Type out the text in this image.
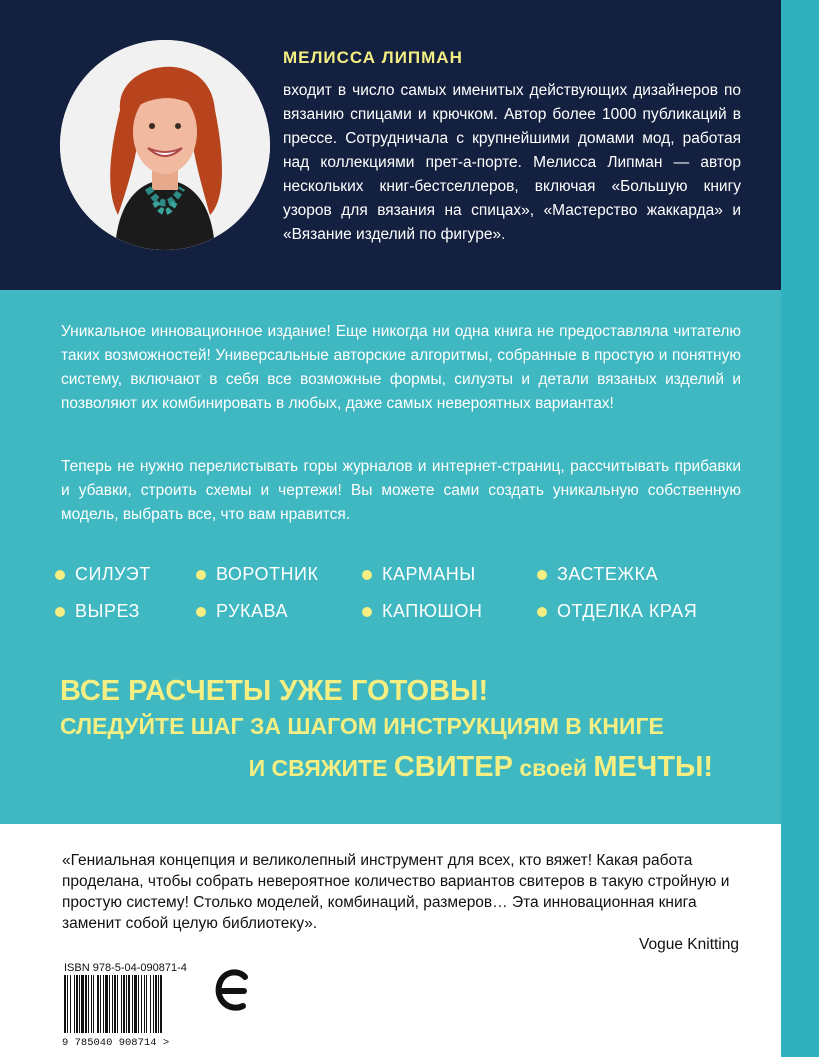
МЕЛИССА ЛИПМАН

входит в число самых именитых действующих дизайнеров по вязанию спицами и крючком. Автор более 1000 публикаций в прессе. Сотрудничала с крупнейшими домами мод, работая над коллекциями прет-а-порте. Мелисса Липман — автор нескольких книг-бестселлеров, включая «Большую книгу узоров для вязания на спицах», «Мастерство жаккарда» и «Вязание изделий по фигуре».

Уникальное инновационное издание! Еще никогда ни одна книга не предоставляла читателю таких возможностей! Универсальные авторские алгоритмы, собранные в простую и понятную систему, включают в себя все возможные формы, силуэты и детали вязаных изделий и позволяют их комбинировать в любых, даже самых невероятных вариантах!

Теперь не нужно перелистывать горы журналов и интернет-страниц, рассчитывать прибавки и убавки, строить схемы и чертежи! Вы можете сами создать уникальную собственную модель, выбрать все, что вам нравится.

СИЛУЭТ	ВОРОТНИК	КАРМАНЫ	ЗАСТЕЖКА
ВЫРЕЗ	РУКАВА	КАПЮШОН	ОТДЕЛКА КРАЯ

ВСЕ РАСЧЕТЫ УЖЕ ГОТОВЫ!

СЛЕДУЙТЕ ШАГ ЗА ШАГОМ ИНСТРУКЦИЯМ В КНИГЕ

И СВЯЖИТЕ СВИТЕР своей МЕЧТЫ!

«Гениальная концепция и великолепный инструмент для всех, кто вяжет! Какая работа проделана, чтобы собрать невероятное количество вариантов свитеров в такую стройную и простую систему! Столько моделей, комбинаций, размеров… Эта инновационная книга заменит собой целую библиотеку».

Vogue Knitting
ISBN 978-5-04-090871-4
9 785040 908714 >
